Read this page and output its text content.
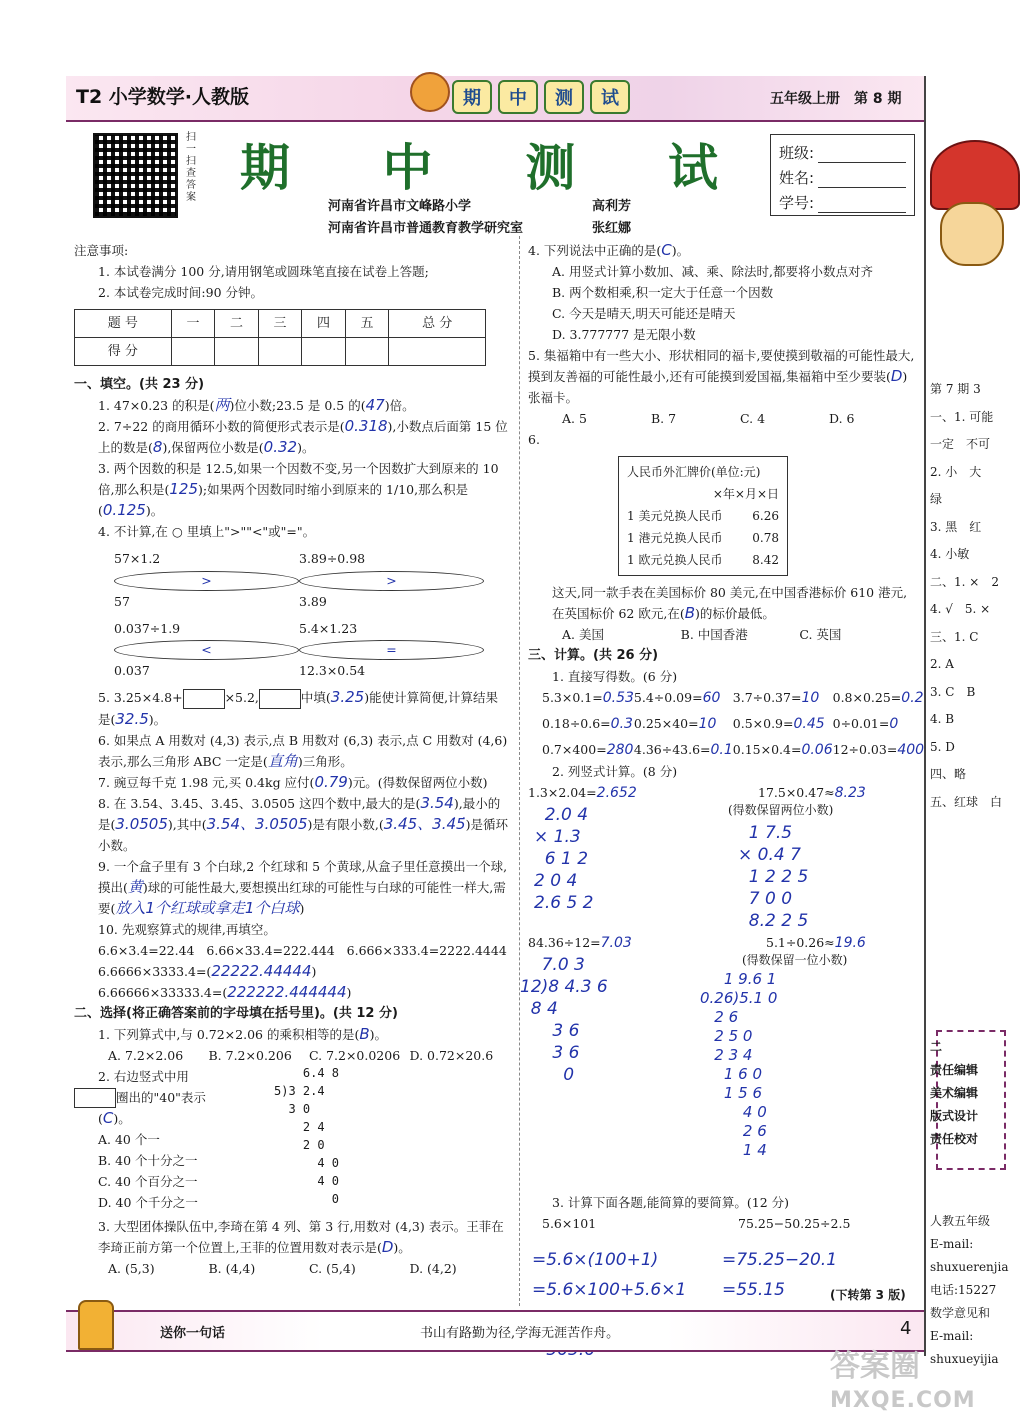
T2 小学数学·人教版	期	中	测	试	五年级上册　第 8 期
扫一扫查答案
期 中 测 试
河南省许昌市文峰路小学	高利芳
河南省许昌市普通教育教学研究室	张红娜
班级:
姓名:
学号:

注意事项:

1. 本试卷满分 100 分,请用钢笔或圆珠笔直接在试卷上答题;

2. 本试卷完成时间:90 分钟。

题 号	一	二	三	四	五	总 分
得 分						

一、填空。(共 23 分)

1. 47×0.23 的积是(两)位小数;23.5 是 0.5 的(47)倍。

2. 7÷22 的商用循环小数的简便形式表示是(0.318),小数点后面第 15 位上的数是(8),保留两位小数是(0.32)。

3. 两个因数的积是 12.5,如果一个因数不变,另一个因数扩大到原来的 10 倍,那么积是(125);如果两个因数同时缩小到原来的 1/10,那么积是(0.125)。

4. 不计算,在 ○ 里填上">""<"或"="。

57×1.2 > 57
3.89÷0.98 > 3.89
0.037÷1.9 < 0.037
5.4×1.23 = 12.3×0.54

5. 3.25×4.8+	×5.2,	中填(3.25)能使计算简便,计算结果是(32.5)。

6. 如果点 A 用数对 (4,3) 表示,点 B 用数对 (6,3) 表示,点 C 用数对 (4,6) 表示,那么三角形 ABC 一定是(直角)三角形。

7. 豌豆每千克 1.98 元,买 0.4kg 应付(0.79)元。(得数保留两位小数)

8. 在 3.54、3.4̇5、3.4̇5̇、3.0505 这四个数中,最大的是(3.54),最小的是(3.0505),其中(3.54、3.0505)是有限小数,(3.4̇5、3.4̇5̇)是循环小数。

9. 一个盒子里有 3 个白球,2 个红球和 5 个黄球,从盒子里任意摸出一个球,摸出(黄)球的可能性最大,要想摸出红球的可能性与白球的可能性一样大,需要(放入1个红球或拿走1个白球)

10. 先观察算式的规律,再填空。

6.6×3.4=22.44 6.66×33.4=222.444 6.666×333.4=2222.4444

6.6666×3333.4=(22222.44444)

6.66666×33333.4=(222222.444444)

二、选择(将正确答案前的字母填在括号里)。(共 12 分)

1. 下列算式中,与 0.72×2.06 的乘积相等的是(B)。

A. 7.2×2.06	B. 7.2×0.206	C. 7.2×0.0206 D. 0.72×20.6

2. 右边竖式中用

圈出的"40"表示

(C)。

A. 40 个一

B. 40 个十分之一

C. 40 个百分之一

D. 40 个千分之一

6.4 8
5)3 2.4
3 0
2 4
2 0
4 0
4 0
0

3. 大型团体操队伍中,李琦在第 4 列、第 3 行,用数对 (4,3) 表示。王菲在李琦正前方第一个位置上,王菲的位置用数对表示是(D)。

A. (5,3)	B. (4,4)	C. (5,4)	D. (4,2)

4. 下列说法中正确的是(C)。

A. 用竖式计算小数加、减、乘、除法时,都要将小数点对齐

B. 两个数相乘,积一定大于任意一个因数

C. 今天是晴天,明天可能还是晴天

D. 3.777777 是无限小数

5. 集福箱中有一些大小、形状相同的福卡,要使摸到敬福的可能性最大,摸到友善福的可能性最小,还有可能摸到爱国福,集福箱中至少要装(D)张福卡。

A. 5	B. 7	C. 4	D. 6

6.

人民币外汇牌价(单位:元)
×年×月×日
1 美元兑换人民币 6.26
1 港元兑换人民币 0.78
1 欧元兑换人民币 8.42

这天,同一款手表在美国标价 80 美元,在中国香港标价 610 港元,在英国标价 62 欧元,在(B)的标价最低。

A. 美国	B. 中国香港	C. 英国

三、计算。(共 26 分)

1. 直接写得数。(6 分)

5.3×0.1=0.53 5.4÷0.09=60 3.7÷0.37=10	0.8×0.25=0.2
0.18÷0.6=0.3 0.25×40=10	0.5×0.9=0.45 0÷0.01=0
0.7×400=280 4.36÷43.6=0.1 0.15×0.4=0.06 12÷0.03=400

2. 列竖式计算。(8 分)

1.3×2.04=2.652	17.5×0.47≈8.23
(得数保留两位小数)
2.0 4
× 1.3
6 1 2
2 0 4
2.6 5 2
1 7.5
× 0.4 7
1 2 2 5
7 0 0
8.2 2 5
84.36÷12=7.03	5.1÷0.26≈19.6
(得数保留一位小数)
7.0 3
12)8 4.3 6
8 4
3 6
3 6
0
1 9.6 1
0.26)5.1 0
2 6
2 5 0
2 3 4
1 6 0
1 5 6
4 0
2 6
1 4

3. 计算下面各题,能简算的要简算。(12 分)

5.6×101	75.25−50.25÷2.5
=5.6×(100+1)
=5.6×100+5.6×1

=75.25−20.1
=55.15	(下转第 3 版)
送你一句话	书山有路勤为径,学海无涯苦作舟。	4
第 7 期 3
一、1. 可能
一定　不可
2. 小　大
绿
3. 黑　红
4. 小敏
二、1. ×　2
4. √　5. ×
三、1. C
2. A
3. C　B
4. B
5. D
四、略
五、红球　白
二
责任编辑
美术编辑
版式设计
责任校对
人教五年级
E-mail:
shuxuerenjia
电话:15227
数学意见和
E-mail:
shuxueyijia
答案圈
MXQE.COM
